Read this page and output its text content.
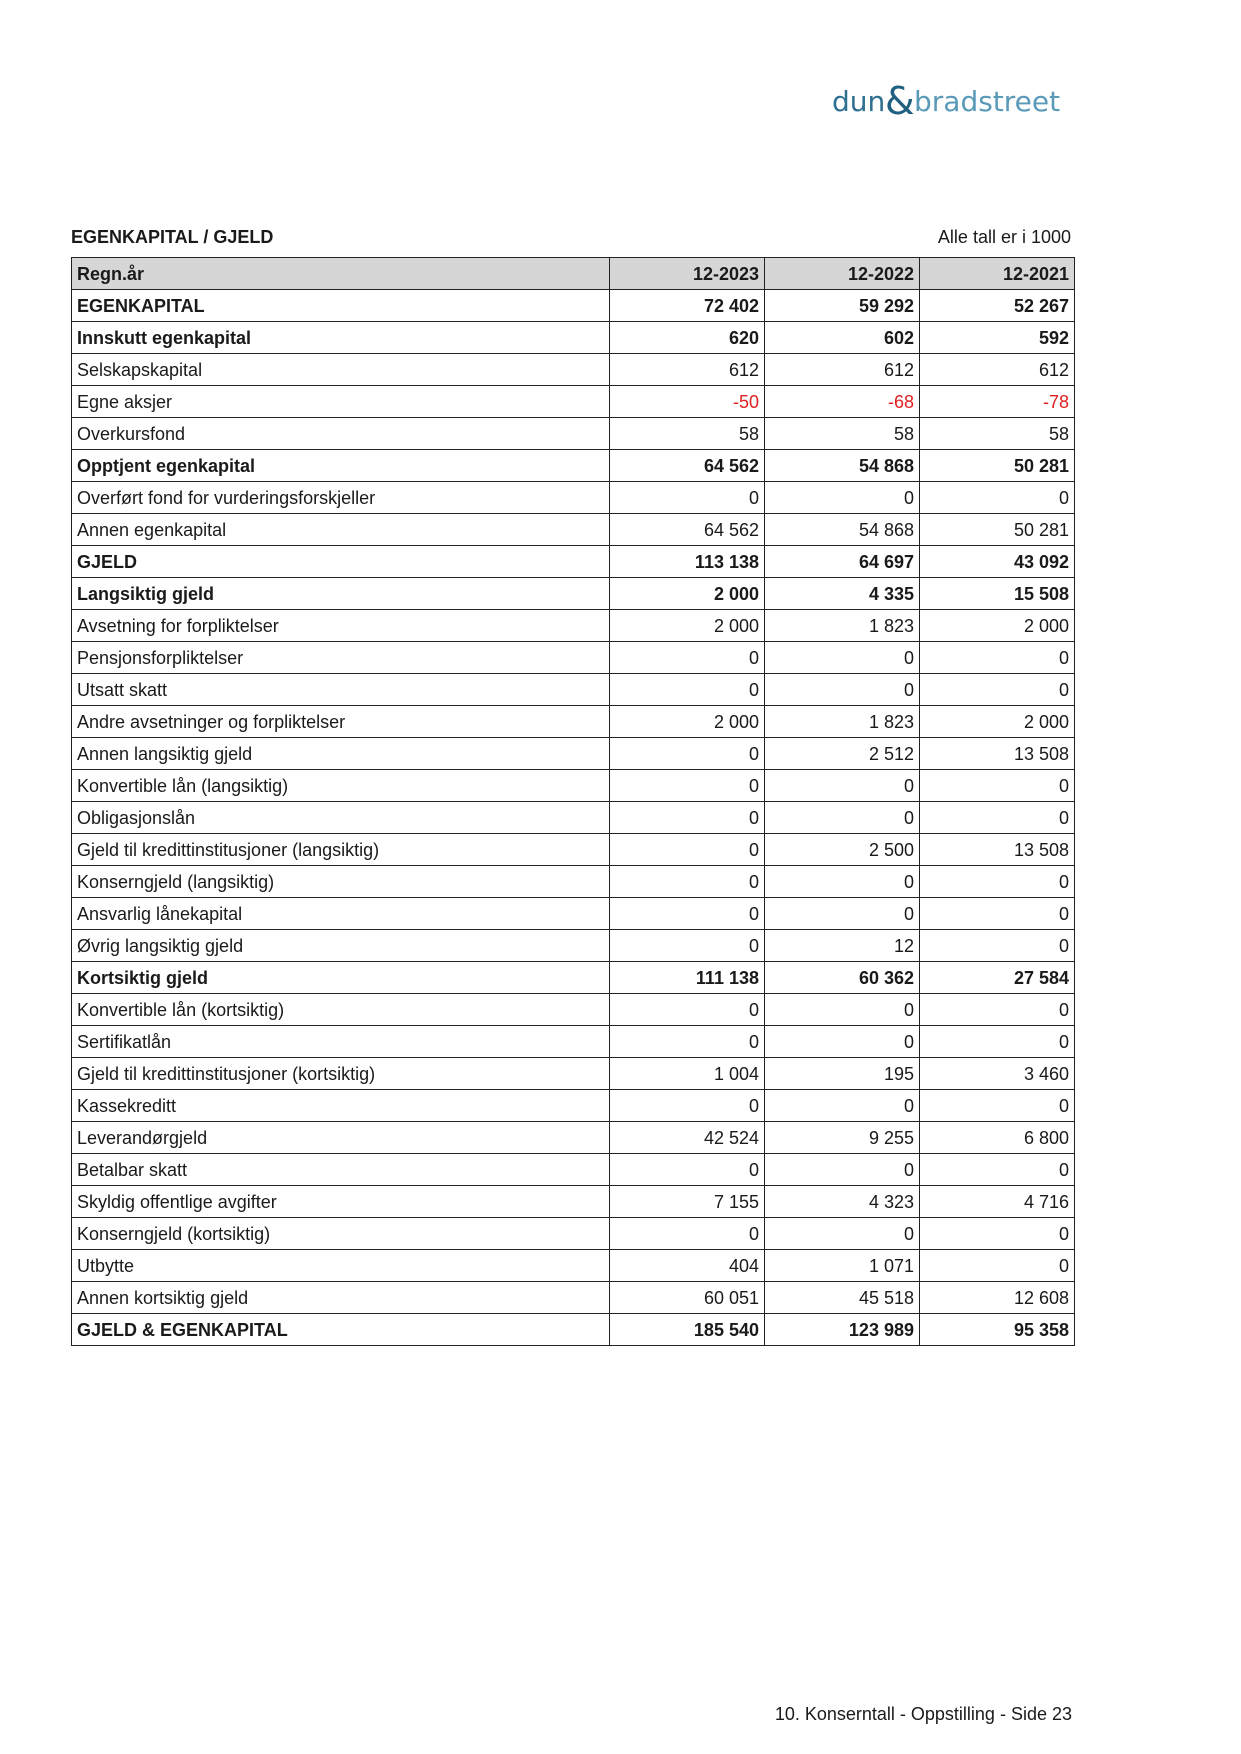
dun & bradstreet
EGENKAPITAL / GJELD	Alle tall er i 1000
Regn.år	12-2023	12-2022	12-2021
EGENKAPITAL	72 402	59 292	52 267
Innskutt egenkapital	620	602	592
Selskapskapital	612	612	612
Egne aksjer	-50	-68	-78
Overkursfond	58	58	58
Opptjent egenkapital	64 562	54 868	50 281
Overført fond for vurderingsforskjeller	0	0	0
Annen egenkapital	64 562	54 868	50 281
GJELD	113 138	64 697	43 092
Langsiktig gjeld	2 000	4 335	15 508
Avsetning for forpliktelser	2 000	1 823	2 000
Pensjonsforpliktelser	0	0	0
Utsatt skatt	0	0	0
Andre avsetninger og forpliktelser	2 000	1 823	2 000
Annen langsiktig gjeld	0	2 512	13 508
Konvertible lån (langsiktig)	0	0	0
Obligasjonslån	0	0	0
Gjeld til kredittinstitusjoner (langsiktig)	0	2 500	13 508
Konserngjeld (langsiktig)	0	0	0
Ansvarlig lånekapital	0	0	0
Øvrig langsiktig gjeld	0	12	0
Kortsiktig gjeld	111 138	60 362	27 584
Konvertible lån (kortsiktig)	0	0	0
Sertifikatlån	0	0	0
Gjeld til kredittinstitusjoner (kortsiktig)	1 004	195	3 460
Kassekreditt	0	0	0
Leverandørgjeld	42 524	9 255	6 800
Betalbar skatt	0	0	0
Skyldig offentlige avgifter	7 155	4 323	4 716
Konserngjeld (kortsiktig)	0	0	0
Utbytte	404	1 071	0
Annen kortsiktig gjeld	60 051	45 518	12 608
GJELD & EGENKAPITAL	185 540	123 989	95 358
10. Konserntall - Oppstilling - Side 23
